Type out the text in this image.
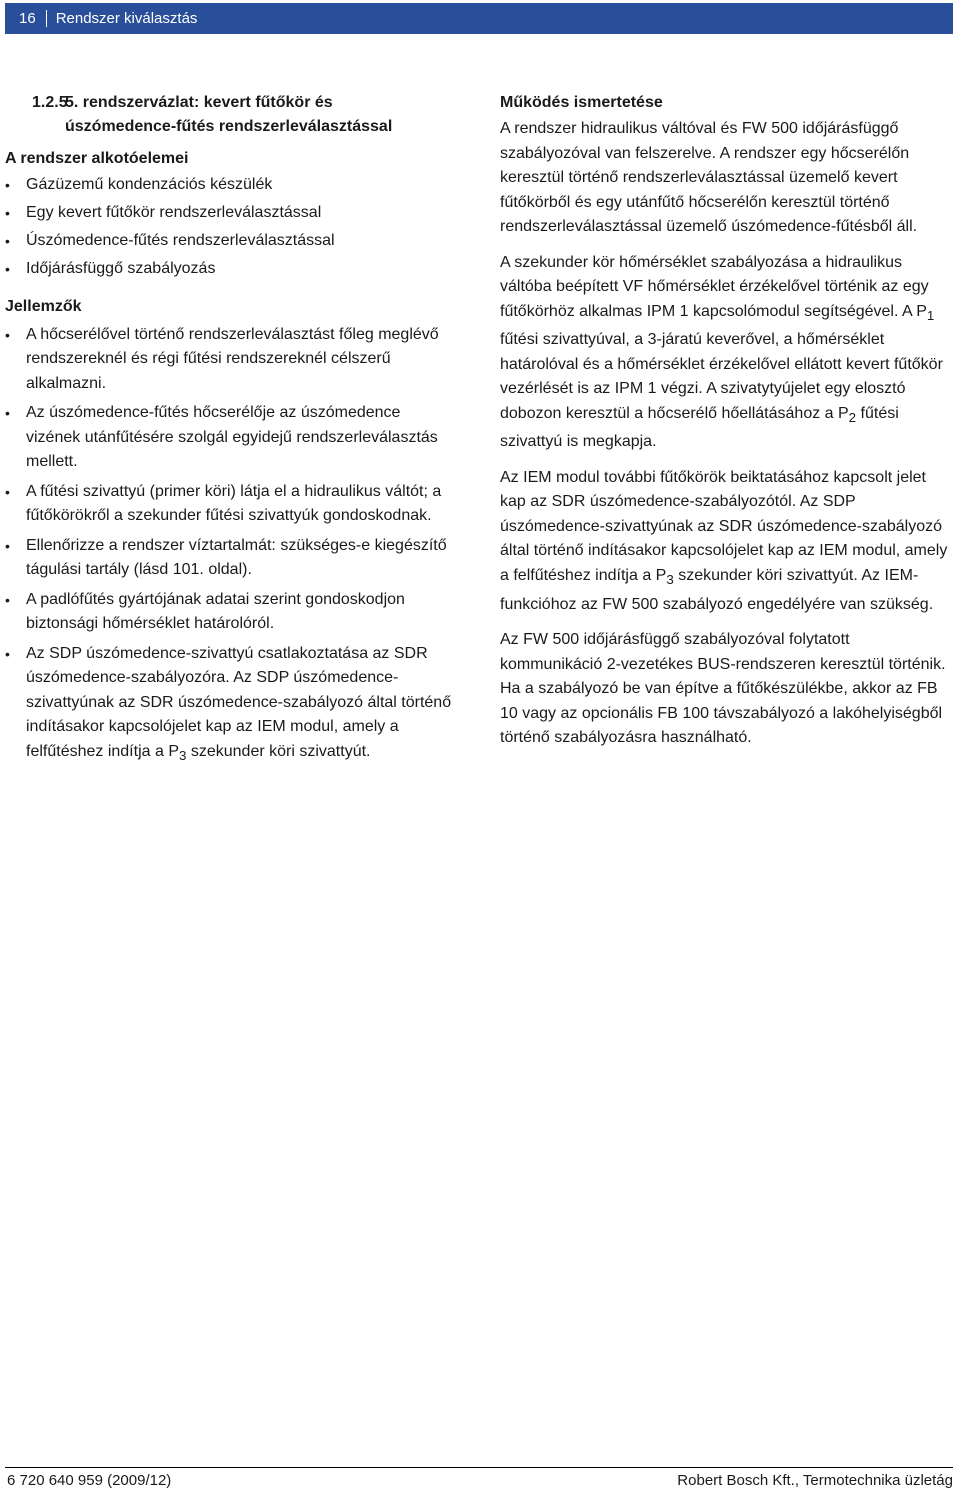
16	Rendszer kiválasztás
1.2.5
5. rendszervázlat: kevert fűtőkör és úszómedence-fűtés rendszerleválasztással
A rendszer alkotóelemei
• Gázüzemű kondenzációs készülék
• Egy kevert fűtőkör rendszerleválasztással
• Úszómedence-fűtés rendszerleválasztással
• Időjárásfüggő szabályozás
Jellemzők
• A hőcserélővel történő rendszerleválasztást főleg meglévő rendszereknél és régi fűtési rendszereknél célszerű alkalmazni.
• Az úszómedence-fűtés hőcserélője az úszómedence vizének utánfűtésére szolgál egyidejű rendszerleválasztás mellett.
• A fűtési szivattyú (primer köri) látja el a hidraulikus váltót; a fűtőkörökről a szekunder fűtési szivattyúk gondoskodnak.
• Ellenőrizze a rendszer víztartalmát: szükséges-e kiegészítő tágulási tartály (lásd 101. oldal).
• A padlófűtés gyártójának adatai szerint gondoskodjon biztonsági hőmérséklet határolóról.
• Az SDP úszómedence-szivattyú csatlakoztatása az SDR úszómedence-szabályozóra. Az SDP úszómedence-szivattyúnak az SDR úszómedence-szabályozó által történő indításakor kapcsolójelet kap az IEM modul, amely a felfűtéshez indítja a $P_3$ szekunder köri szivattyút.
Működés ismertetése

A rendszer hidraulikus váltóval és FW 500 időjárásfüggő szabályozóval van felszerelve. A rendszer egy hőcserélőn keresztül történő rendszerleválasztással üzemelő kevert fűtőkörből és egy utánfűtő hőcserélőn keresztül történő rendszerleválasztással üzemelő úszómedence-fűtésből áll.

A szekunder kör hőmérséklet szabályozása a hidraulikus váltóba beépített VF hőmérséklet érzékelővel történik az egy fűtőkörhöz alkalmas IPM 1 kapcsolómodul segítségével. A $P_1$ fűtési szivattyúval, a 3-járatú keverővel, a hőmérséklet határolóval és a hőmérséklet érzékelővel ellátott kevert fűtőkör vezérlését is az IPM 1 végzi. A szivatytyújelet egy elosztó dobozon keresztül a hőcserélő hőellátásához a $P_2$ fűtési szivattyú is megkapja.

Az IEM modul további fűtőkörök beiktatásához kapcsolt jelet kap az SDR úszómedence-szabályozótól. Az SDP úszómedence-szivattyúnak az SDR úszómedence-szabályozó által történő indításakor kapcsolójelet kap az IEM modul, amely a felfűtéshez indítja a $P_3$ szekunder köri szivattyút. Az IEM-funkcióhoz az FW 500 szabályozó engedélyére van szükség.

Az FW 500 időjárásfüggő szabályozóval folytatott kommunikáció 2-vezetékes BUS-rendszeren keresztül történik. Ha a szabályozó be van építve a fűtőkészülékbe, akkor az FB 10 vagy az opcionális FB 100 távszabályozó a lakóhelyiségből történő szabályozásra használható.

6 720 640 959 (2009/12)	Robert Bosch Kft., Termotechnika üzletág
